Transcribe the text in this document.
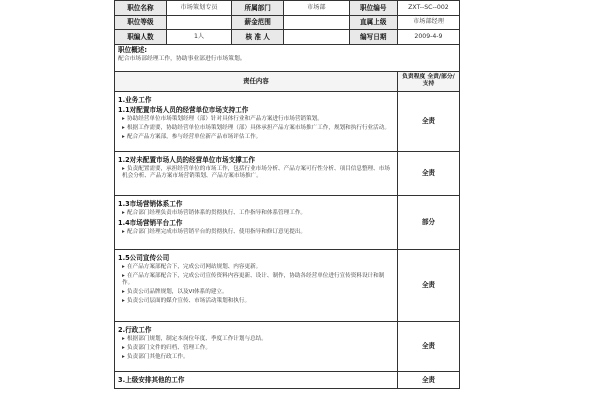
职位名称	市场策划专员	所属部门	市场部	职位编号	ZXT--SC--002
职位等级		薪金范围		直属上级	市场部经理
职编人数	1人	核 准 人		编写日期	2009-4-9

职位概述:
配合市场部经理工作，协助事业部进行市场策划。					
责任内容	负责程度 全责/部分/支持

1.业务工作
1.1对配置市场人员的经营单位市场支持工作
▸ 协助经营单位市场策划经理（部）针对具体行业和产品方案进行市场营销策划。
▸ 根据工作需要，协助经营单位市场策划经理（部）具体承担产品方案市场推广工作，规划和执行行业活动。
▸ 配合产品方案部，参与经营单位新产品市场评估工作。	全责

1.2对未配置市场人员的经营单位市场支撑工作
▸ 负责配置需要，承担经营单位的市场工作，包括行业市场分析、产品方案可行性分析、项目信息整理、市场机会分析、产品方案市场营销策划、产品方案市场推广。	全责

1.3市场营销体系工作
▸ 配合部门经理负责市场营销体系的贯彻执行、工作指导和体系管理工作。
1.4市场营销平台工作
▸ 配合部门经理完成市场营销平台的贯彻执行、使用指导和修订意见提出。	部分

1.5公司宣传公司
▸ 在产品方案部配合下，完成公司网站规划、内容更新。
▸ 在产品方案部配合下，完成公司宣传资料内容更新、设计、制作，协助各经营单位进行宣传资料设计和制作。
▸ 负责公司品牌规划，以及VI体系的建立。
▸ 负责公司层面的媒介宣传、市场活动策划和执行。	全责

2.行政工作
▸ 根据部门规划，制定本岗位年度、季度工作计划与总结。
▸ 负责部门文件的归档、管理工作。
▸ 负责部门其他行政工作。	全责

3.上级安排其他的工作	全责
